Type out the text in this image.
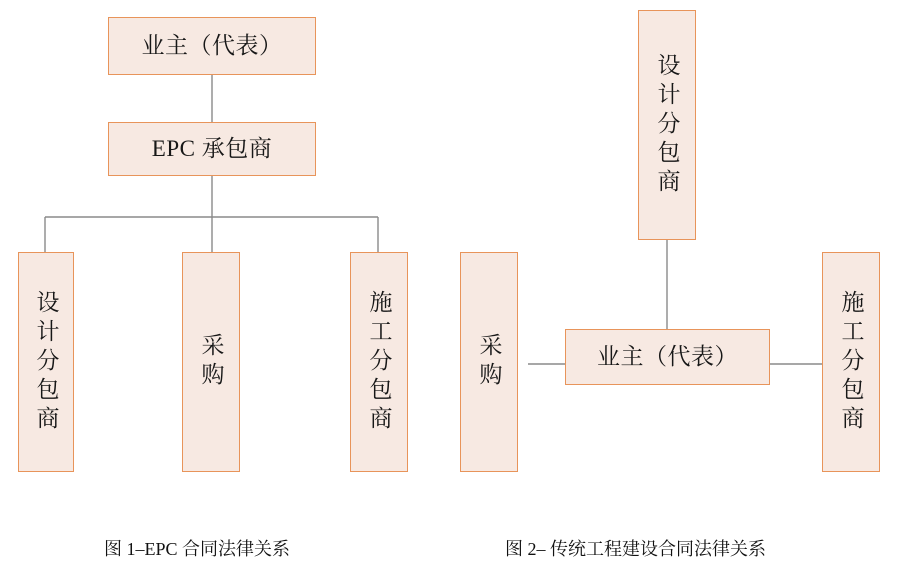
业主（代表）
EPC 承包商
设计分包商	采购	施工分包商
图 1–EPC 合同法律关系
设计分包商
采购	业主（代表）	施工分包商
图 2– 传统工程建设合同法律关系
